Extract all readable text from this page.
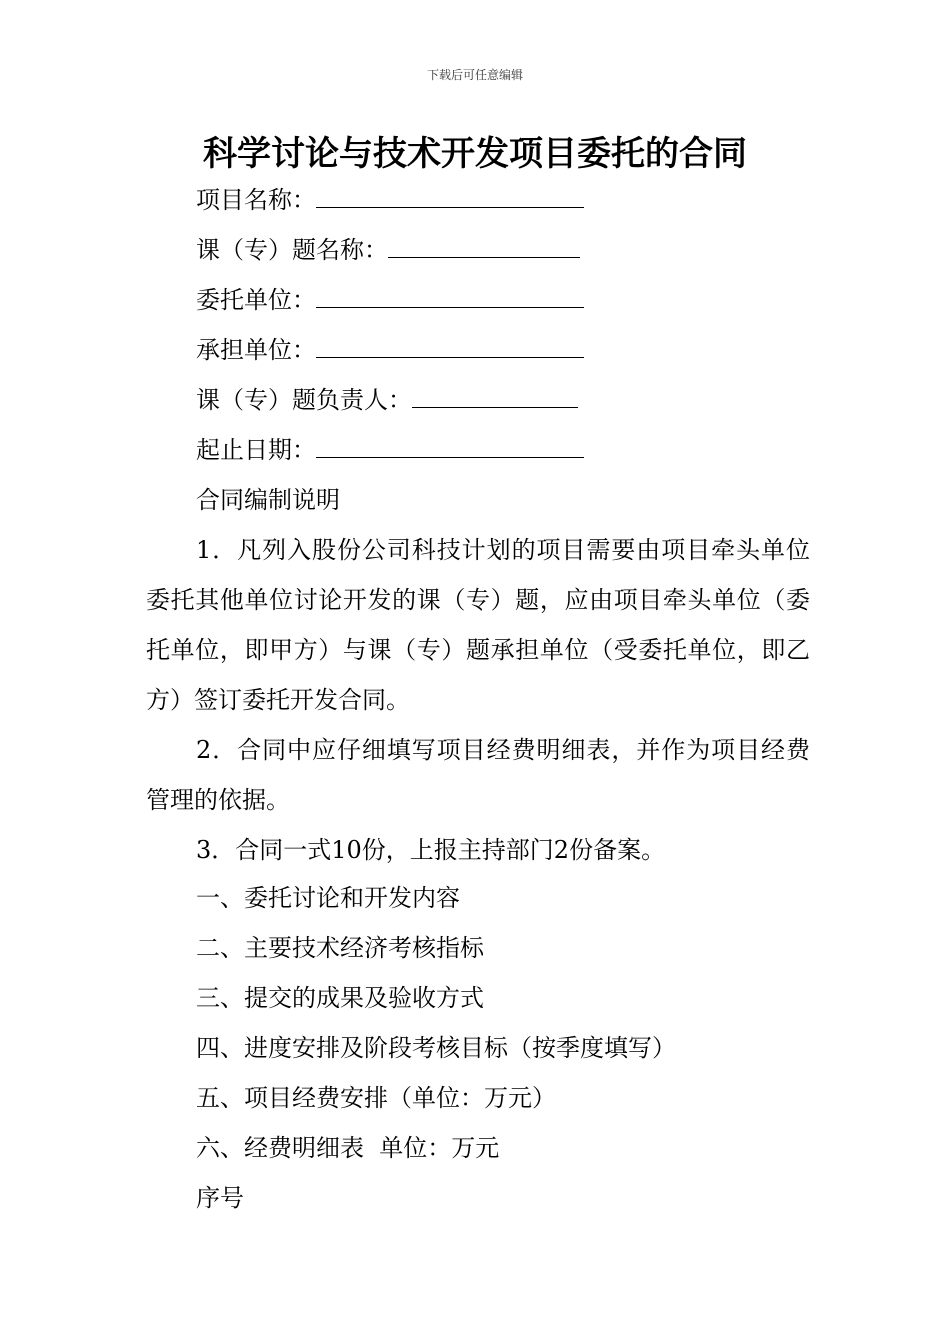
下载后可任意编辑
科学讨论与技术开发项目委托的合同
项目名称：
课（专）题名称：
委托单位：
承担单位：
课（专）题负责人：
起止日期：
合同编制说明
1．凡列入股份公司科技计划的项目需要由项目牵头单位委托其他单位讨论开发的课（专）题，应由项目牵头单位（委托单位，即甲方）与课（专）题承担单位（受委托单位，即乙方）签订委托开发合同。
2．合同中应仔细填写项目经费明细表，并作为项目经费管理的依据。
3．合同一式10份，上报主持部门2份备案。
一、委托讨论和开发内容
二、主要技术经济考核指标
三、提交的成果及验收方式
四、进度安排及阶段考核目标（按季度填写）
五、项目经费安排（单位：万元）
六、经费明细表  单位：万元
序号
